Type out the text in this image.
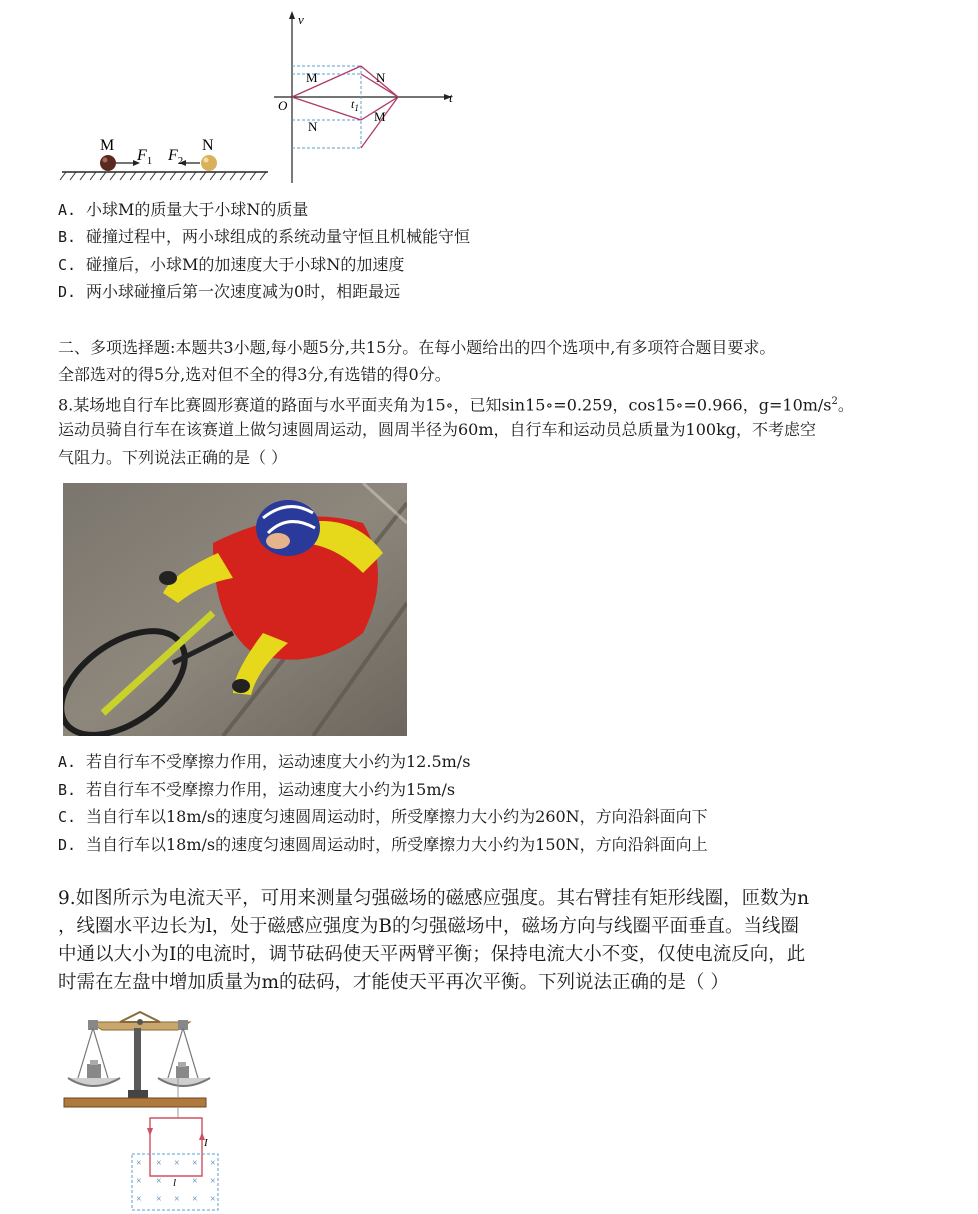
M	N
$F_1$ $F_2$
v
t
O
M	N
N
M
$t_1$
A. 小球M的质量大于小球N的质量
B. 碰撞过程中，两小球组成的系统动量守恒且机械能守恒
C. 碰撞后，小球M的加速度大于小球N的加速度
D. 两小球碰撞后第一次速度减为0时，相距最远
二、多项选择题:本题共3小题,每小题5分,共15分。在每小题给出的四个选项中,有多项符合题目要求。
全部选对的得5分,选对但不全的得3分,有选错的得0分。
8.某场地自行车比赛圆形赛道的路面与水平面夹角为15∘，已知sin15∘=0.259，cos15∘=0.966，$g=10m/s^2$。
运动员骑自行车在该赛道上做匀速圆周运动，圆周半径为60m，自行车和运动员总质量为100kg，不考虑空
气阻力。下列说法正确的是（ ）
A. 若自行车不受摩擦力作用，运动速度大小约为12.5m/s
B. 若自行车不受摩擦力作用，运动速度大小约为15m/s
C. 当自行车以18m/s的速度匀速圆周运动时，所受摩擦力大小约为260N，方向沿斜面向下
D. 当自行车以18m/s的速度匀速圆周运动时，所受摩擦力大小约为150N，方向沿斜面向上
9.如图所示为电流天平，可用来测量匀强磁场的磁感应强度。其右臂挂有矩形线圈，匝数为n
，线圈水平边长为l，处于磁感应强度为B的匀强磁场中，磁场方向与线圈平面垂直。当线圈
中通以大小为I的电流时，调节砝码使天平两臂平衡；保持电流大小不变，仅使电流反向，此
时需在左盘中增加质量为m的砝码，才能使天平再次平衡。下列说法正确的是（ ）
I
× × × × ×
× ×	× ×
× × × × ×
l
